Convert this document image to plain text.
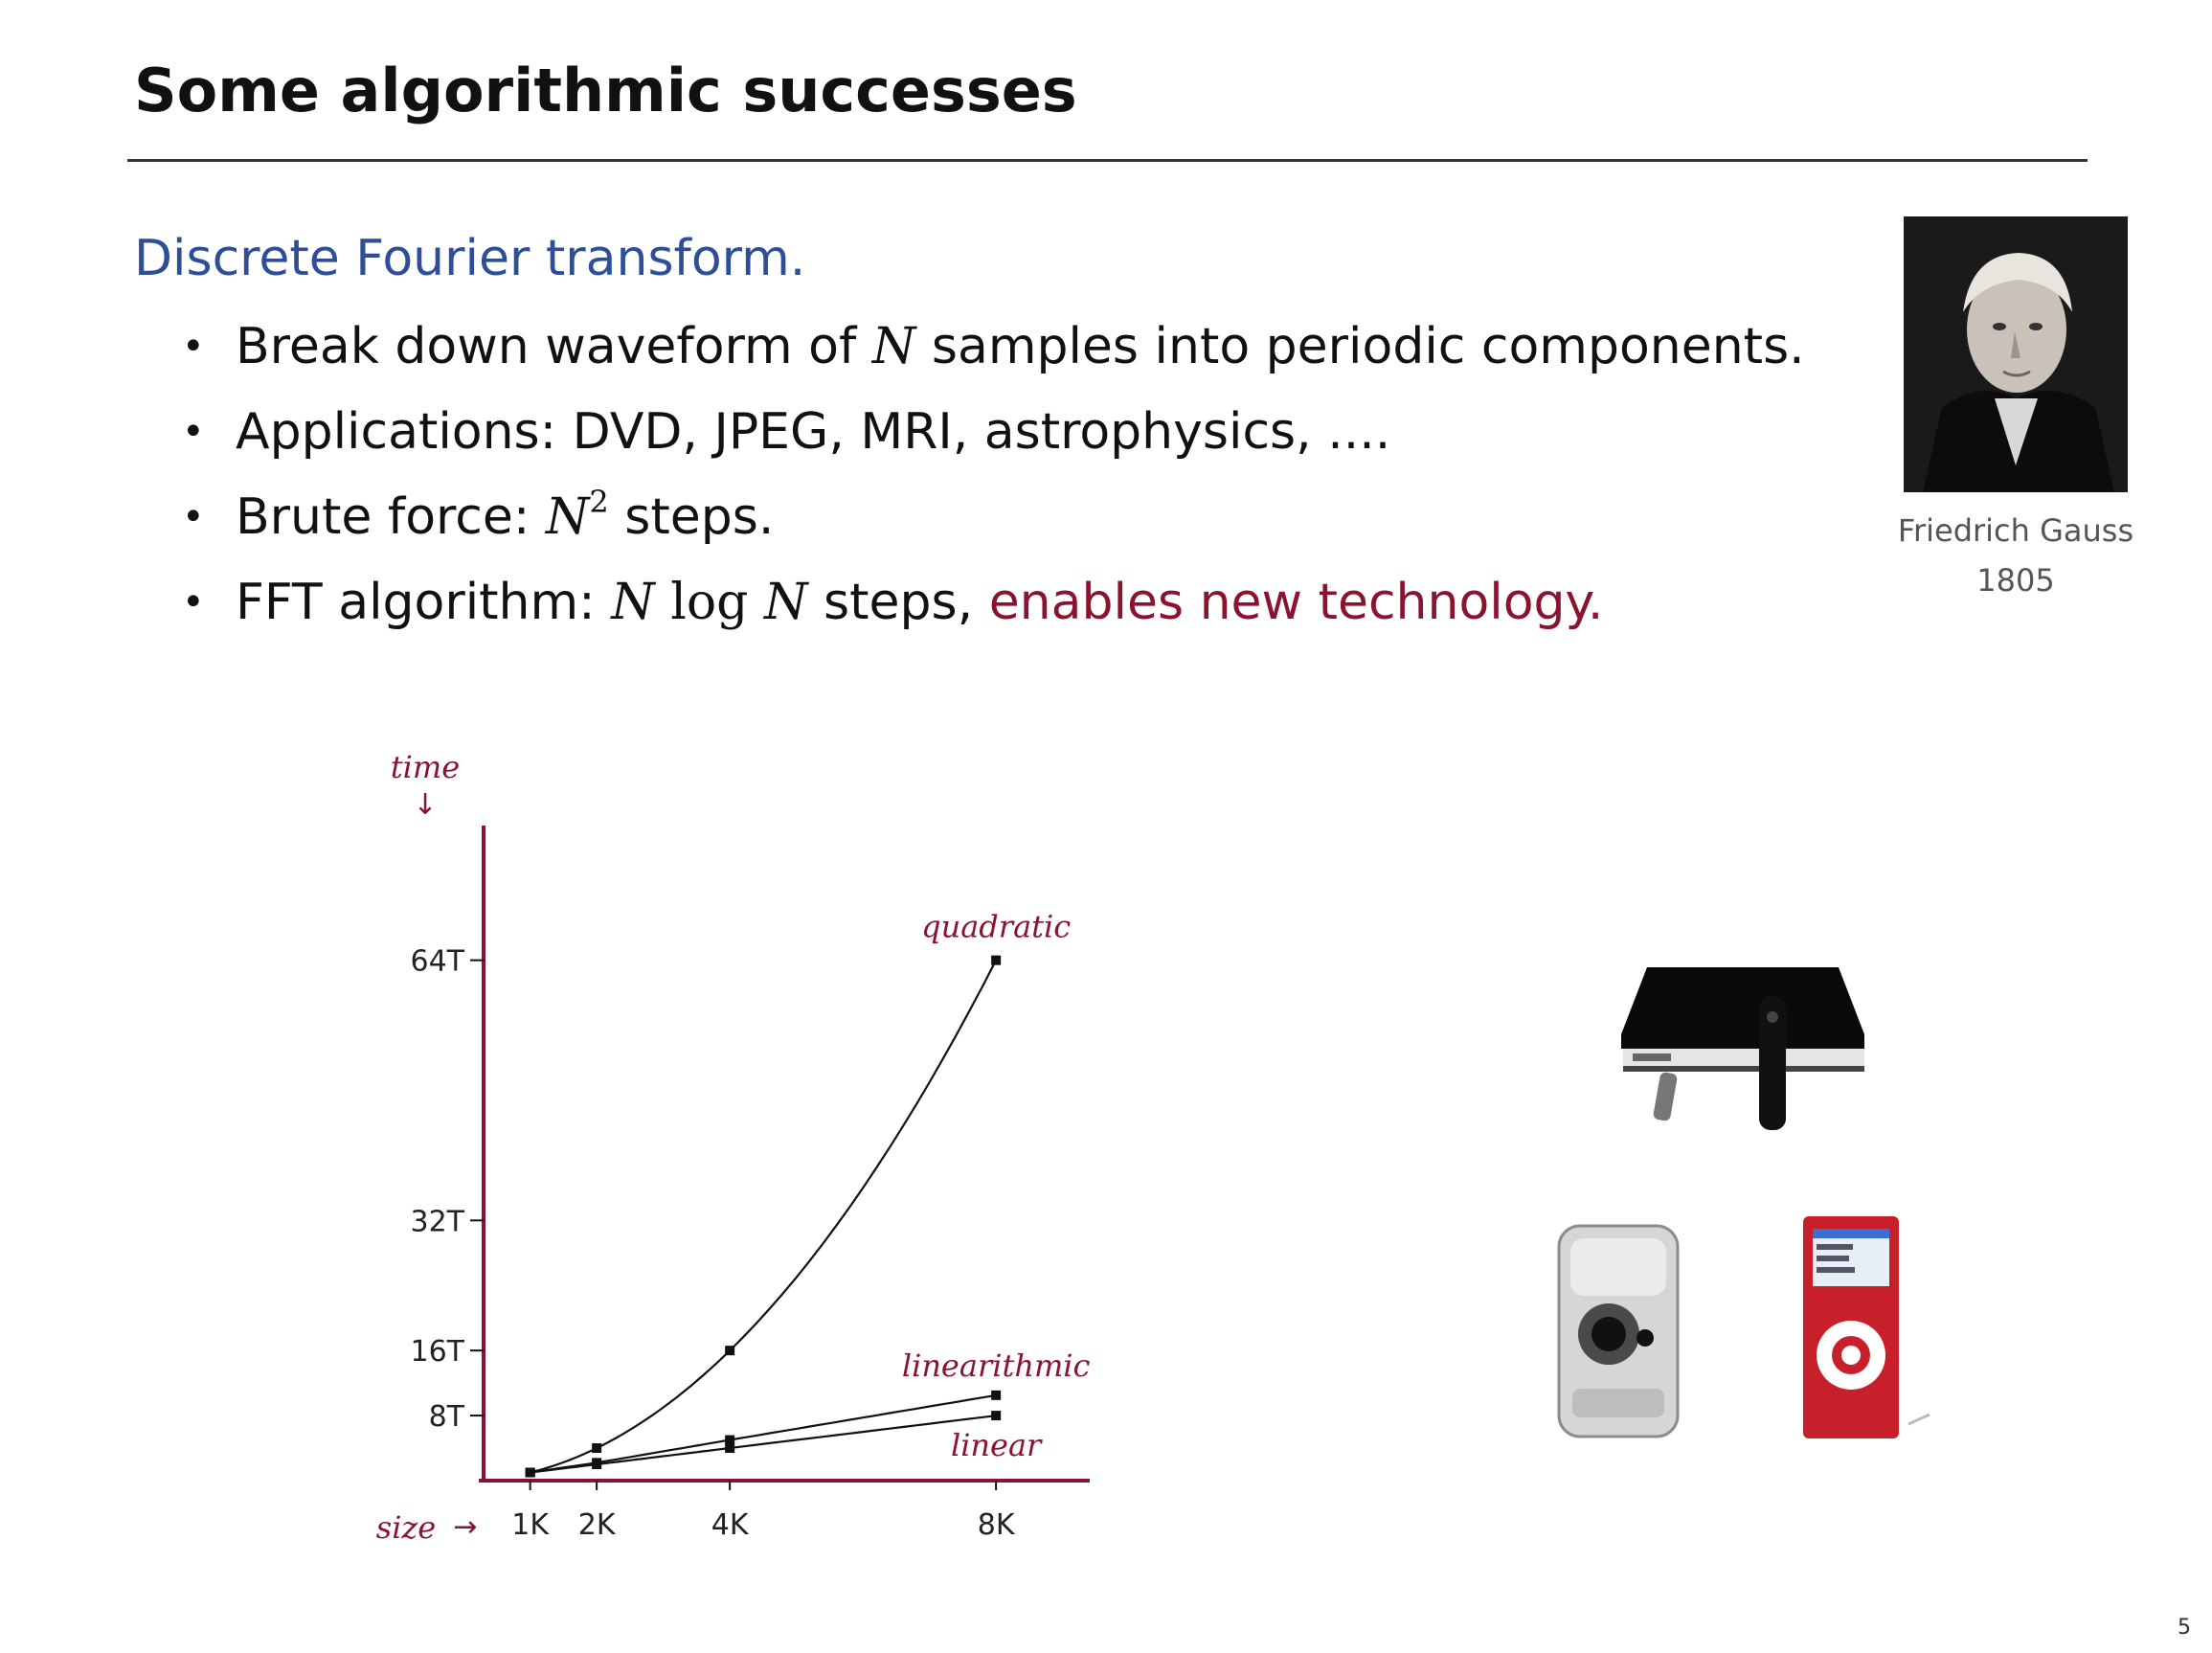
Some algorithmic successes
Discrete Fourier transform.
• Break down waveform of N samples into periodic components.
• Applications: DVD, JPEG, MRI, astrophysics, ....
• Brute force: $N^2$ steps.
• FFT algorithm: N log N steps, enables new technology.
Friedrich Gauss
1805
time
↓
size → 1K 2K	4K	8K
8T
16T
32T
64T
quadratic
linearithmic
linear
5
